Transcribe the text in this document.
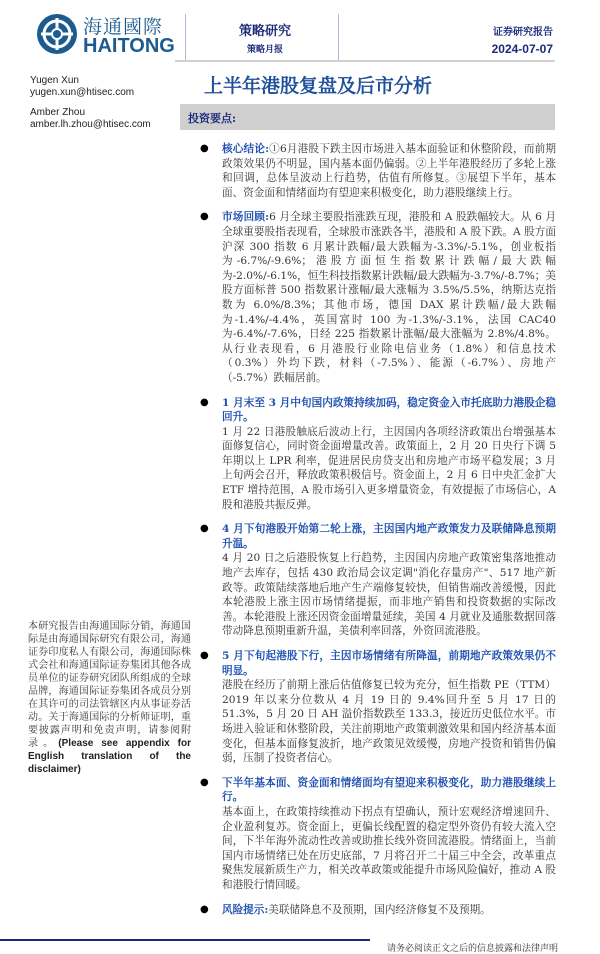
海通國際
HAITONG
策略研究
策略月报
证券研究报告
2024-07-07
Yugen Xun
yugen.xun@htisec.com
Amber Zhou
amber.lh.zhou@htisec.com
上半年港股复盘及后市分析
投资要点:
本研究报告由海通国际分销，海通国际是由海通国际研究有限公司，海通证券印度私人有限公司，海通国际株式会社和海通国际证券集团其他各成员单位的证券研究团队所组成的全球品牌，海通国际证券集团各成员分别在其许可的司法管辖区内从事证券活动。关于海通国际的分析师证明，重要披露声明和免责声明，请参阅附录。(Please see appendix for English translation of the disclaimer)
● 核心结论:①6月港股下跌主因市场进入基本面验证和休整阶段，而前期政策效果仍不明显，国内基本面仍偏弱。②上半年港股经历了多轮上涨和回调，总体呈波动上行趋势，估值有所修复。③展望下半年，基本面、资金面和情绪面均有望迎来积极变化，助力港股继续上行。
● 市场回顾:6 月全球主要股指涨跌互现，港股和 A 股跌幅较大。从 6 月全球重要股指表现看，全球股市涨跌各半，港股和 A 股下跌。A 股方面沪深 300 指数 6 月累计跌幅/最大跌幅为-3.3%/-5.1%，创业板指为-6.7%/-9.6%；港股方面恒生指数累计跌幅/最大跌幅为-2.0%/-6.1%，恒生科技指数累计跌幅/最大跌幅为-3.7%/-8.7%；美股方面标普 500 指数累计涨幅/最大涨幅为 3.5%/5.5%，纳斯达克指数为 6.0%/8.3%；其他市场，德国 DAX 累计跌幅/最大跌幅为-1.4%/-4.4%，英国富时 100 为-1.3%/-3.1%，法国 CAC40 为-6.4%/-7.6%，日经 225 指数累计涨幅/最大涨幅为 2.8%/4.8%。从行业表现看，6 月港股行业除电信业务（1.8%）和信息技术（0.3%）外均下跌，材料（-7.5%）、能源（-6.7%）、房地产（-5.7%）跌幅居前。
● 1 月末至 3 月中旬国内政策持续加码，稳定资金入市托底助力港股企稳回升。
1 月 22 日港股触底后波动上行，主因国内各项经济政策出台增强基本面修复信心，同时资金面增量改善。政策面上，2 月 20 日央行下调 5 年期以上 LPR 利率，促进居民房贷支出和房地产市场平稳发展；3 月上旬两会召开，释放政策积极信号。资金面上，2 月 6 日中央汇金扩大 ETF 增持范围，A 股市场引入更多增量资金，有效提振了市场信心，A 股和港股共振反弹。
● 4 月下旬港股开始第二轮上涨，主因国内地产政策发力及联储降息预期升温。
4 月 20 日之后港股恢复上行趋势，主因国内房地产政策密集落地推动地产去库存，包括 430 政治局会议定调"消化存量房产"、517 地产新政等。政策陆续落地后地产生产端修复较快，但销售端改善缓慢，因此本轮港股上涨主因市场情绪提振，而非地产销售和投资数据的实际改善。本轮港股上涨还因资金面增量延续，美国 4 月就业及通胀数据回落带动降息预期重新升温，美债利率回落，外资回流港股。
● 5 月下旬起港股下行，主因市场情绪有所降温，前期地产政策效果仍不明显。
港股在经历了前期上涨后估值修复已较为充分，恒生指数 PE（TTM）2019 年以来分位数从 4 月 19 日的 9.4%回升至 5 月 17 日的 51.3%，5 月 20 日 AH 溢价指数跌至 133.3，接近历史低位水平。市场进入验证和休整阶段，关注前期地产政策刺激效果和国内经济基本面变化，但基本面修复波折，地产政策见效缓慢，房地产投资和销售仍偏弱，压制了投资者信心。
● 下半年基本面、资金面和情绪面均有望迎来积极变化，助力港股继续上行。
基本面上，在政策持续推动下拐点有望确认，预计宏观经济增速回升、企业盈利复苏。资金面上，更偏长线配置的稳定型外资仍有较大流入空间，下半年海外流动性改善或助推长线外资回流港股。情绪面上，当前国内市场情绪已处在历史底部，7 月将召开二十届三中全会，改革重点聚焦发展新质生产力，相关改革政策或能提升市场风险偏好，推动 A 股和港股行情回暖。
● 风险提示:美联储降息不及预期，国内经济修复不及预期。
请务必阅读正文之后的信息披露和法律声明
